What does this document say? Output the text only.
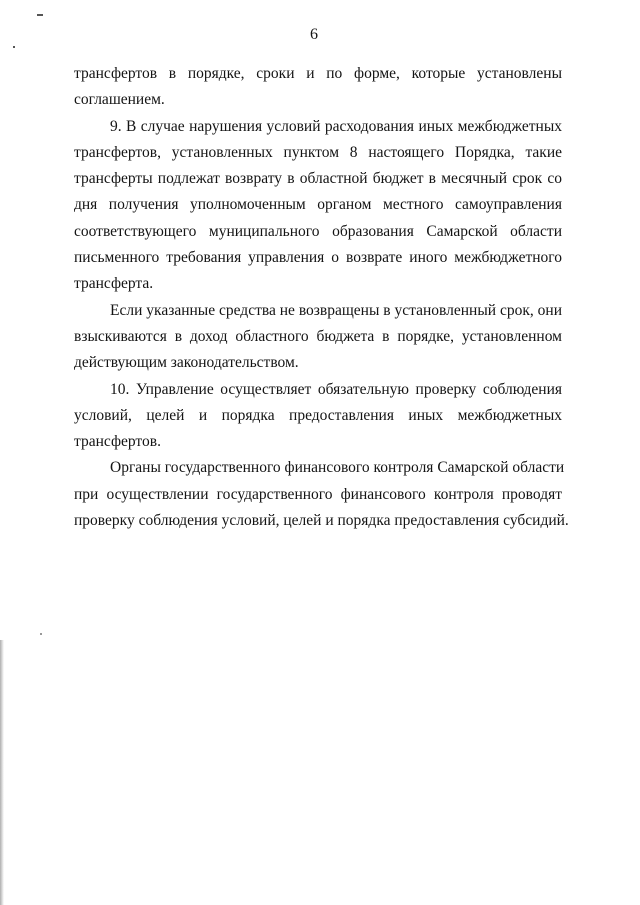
6

трансфертов в порядке, сроки и по форме, которые установлены
соглашением.

9. В случае нарушения условий расходования иных межбюджетных
трансфертов, установленных пунктом 8 настоящего Порядка, такие
трансферты подлежат возврату в областной бюджет в месячный срок со
дня получения уполномоченным органом местного самоуправления
соответствующего муниципального образования Самарской области
письменного требования управления о возврате иного межбюджетного
трансферта.

Если указанные средства не возвращены в установленный срок, они
взыскиваются в доход областного бюджета в порядке, установленном
действующим законодательством.

10. Управление осуществляет обязательную проверку соблюдения
условий, целей и порядка предоставления иных межбюджетных
трансфертов.

Органы государственного финансового контроля Самарской области
при осуществлении государственного финансового контроля проводят
проверку соблюдения условий, целей и порядка предоставления субсидий.
